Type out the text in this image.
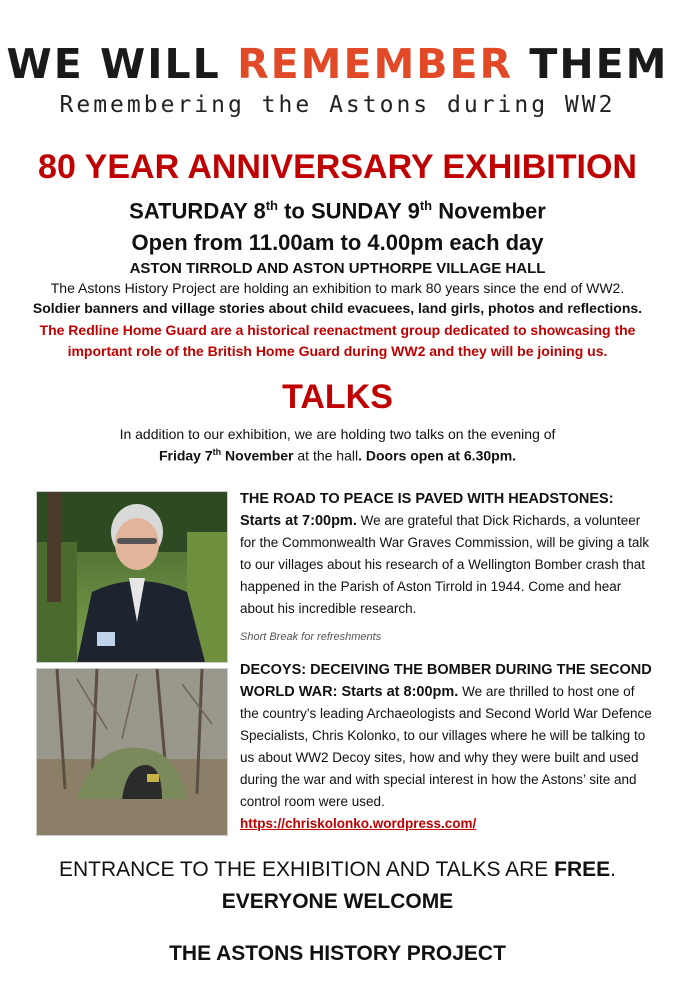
WE WILL REMEMBER THEM
Remembering the Astons during WW2
80 YEAR ANNIVERSARY EXHIBITION
SATURDAY 8th to SUNDAY 9th November
Open from 11.00am to 4.00pm each day
ASTON TIRROLD AND ASTON UPTHORPE VILLAGE HALL
The Astons History Project are holding an exhibition to mark 80 years since the end of WW2.
Soldier banners and village stories about child evacuees, land girls, photos and reflections.
The Redline Home Guard are a historical reenactment group dedicated to showcasing the important role of the British Home Guard during WW2 and they will be joining us.
TALKS
In addition to our exhibition, we are holding two talks on the evening of
Friday 7th November at the hall. Doors open at 6.30pm.
THE ROAD TO PEACE IS PAVED WITH HEADSTONES:
Starts at 7:00pm. We are grateful that Dick Richards, a volunteer for the Commonwealth War Graves Commission, will be giving a talk to our villages about his research of a Wellington Bomber crash that happened in the Parish of Aston Tirrold in 1944. Come and hear about his incredible research.
Short Break for refreshments
DECOYS: DECEIVING THE BOMBER DURING THE SECOND WORLD WAR: Starts at 8:00pm. We are thrilled to host one of the country’s leading Archaeologists and Second World War Defence Specialists, Chris Kolonko, to our villages where he will be talking to us about WW2 Decoy sites, how and why they were built and used during the war and with special interest in how the Astons’ site and control room were used.
https://chriskolonko.wordpress.com/
ENTRANCE TO THE EXHIBITION AND TALKS ARE FREE.
EVERYONE WELCOME
THE ASTONS HISTORY PROJECT
